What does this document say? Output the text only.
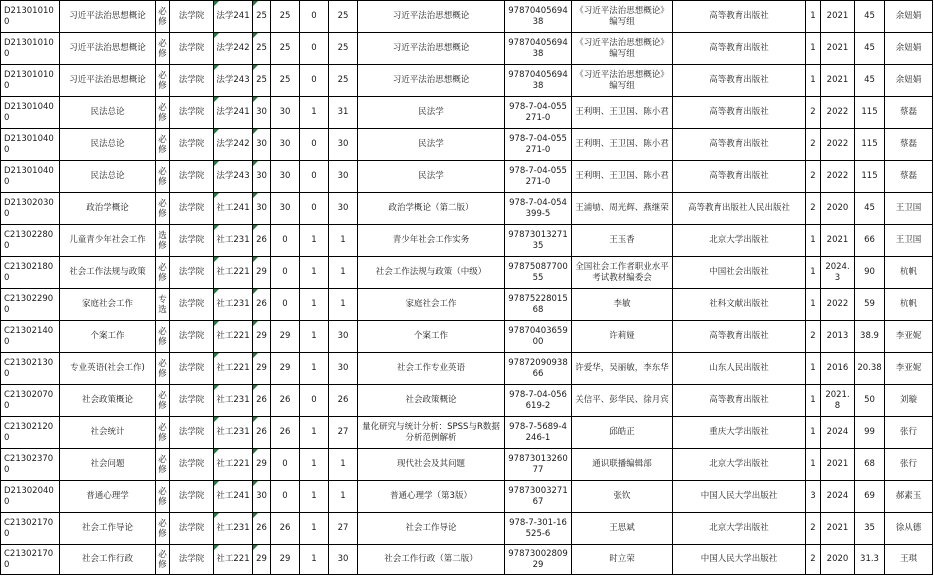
D213010100	习近平法治思想概论	必修	法学院	法学241	25	25	0	25	习近平法治思想概论	9787040569438	《习近平法治思想概论》编写组	高等教育出版社	1	2021	45	余妞娟
D213010100	习近平法治思想概论	必修	法学院	法学242	25	25	0	25	习近平法治思想概论	9787040569438	《习近平法治思想概论》编写组	高等教育出版社	1	2021	45	余妞娟
D213010100	习近平法治思想概论	必修	法学院	法学243	25	25	0	25	习近平法治思想概论	9787040569438	《习近平法治思想概论》编写组	高等教育出版社	1	2021	45	余妞娟
D213010400	民法总论	必修	法学院	法学241	30	30	1	31	民法学	978-7-04-055271-0	王利明、王卫国、陈小君	高等教育出版社	2	2022	115	蔡磊
D213010400	民法总论	必修	法学院	法学242	30	30	0	30	民法学	978-7-04-055271-0	王利明、王卫国、陈小君	高等教育出版社	2	2022	115	蔡磊
D213010400	民法总论	必修	法学院	法学243	30	30	0	30	民法学	978-7-04-055271-0	王利明、王卫国、陈小君	高等教育出版社	2	2022	115	蔡磊
D213020300	政治学概论	必修	法学院	社工241	30	30	0	30	政治学概论（第二版）	978-7-04-054399-5	王浦劬、周光辉、燕继荣	高等教育出版社人民出版社	2	2020	45	王卫国
C213022800	儿童青少年社会工作	选修	法学院	社工231	26	0	1	1	青少年社会工作实务	9787301327135	王玉香	北京大学出版社	1	2021	66	王卫国
C213021800	社会工作法规与政策	必修	法学院	社工221	29	0	1	1	社会工作法规与政策（中级）	9787508770055	全国社会工作者职业水平考试教材编委会	中国社会出版社	1	2024.3	90	杭帆
C213022900	家庭社会工作	专选	法学院	社工231	26	0	1	1	家庭社会工作	9787522801568	李敏	社科文献出版社	1	2022	59	杭帆
C213021400	个案工作	必修	法学院	社工221	29	29	1	30	个案工作	9787040365900	许莉娅	高等教育出版社	2	2013	38.9	李亚妮
C213021300	专业英语(社会工作)	必修	法学院	社工221	29	29	1	30	社会工作专业英语	9787209093866	许爱华，吴丽敏，李东华	山东人民出版社	1	2016	20.38	李亚妮
C213020700	社会政策概论	必修	法学院	社工231	26	26	0	26	社会政策概论	978-7-04-056619-2	关信平、彭华民、徐月宾	高等教育出版社	1	2021.8	50	刘璇
C213021200	社会统计	必修	法学院	社工231	26	26	1	27	量化研究与统计分析：SPSS与R数据分析范例解析	978-7-5689-4246-1	邱皓正	重庆大学出版社	1	2024	99	张行
C213023700	社会问题	必修	法学院	社工221	29	0	1	1	现代社会及其问题	9787301326077	通识联播编辑部	北京大学出版社	1	2021	68	张行
D213020400	普通心理学	必修	法学院	社工241	30	0	1	1	普通心理学（第3版）	9787300327167	张钦	中国人民大学出版社	3	2024	69	郝素玉
C213021700	社会工作导论	必修	法学院	社工231	26	26	1	27	社会工作导论	978-7-301-16525-6	王思斌	北京大学出版社	2	2021	35	徐从德
C213021700	社会工作行政	必修	法学院	社工221	29	29	1	30	社会工作行政（第二版）	9787300280929	时立荣	中国人民大学出版社	2	2020	31.3	王琪
